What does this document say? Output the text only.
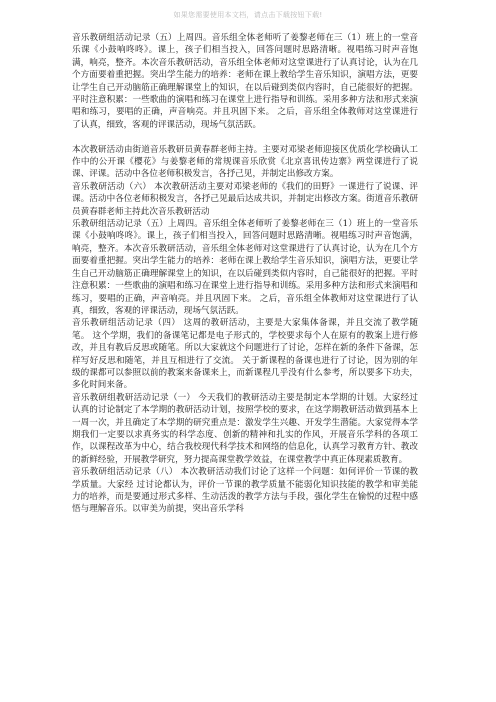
如果您需要使用本文档，请点击下载按钮下载!

音乐教研组活动记录（五）上周四。音乐组全体老师听了姜黎老师在三（1）班上的一堂音乐课《小鼓响咚咚》。课上，孩子们相当投入，回答问题时思路清晰。视唱练习时声音饱满，响亮，整齐。本次音乐教研活动，音乐组全体老师对这堂课进行了认真讨论，认为在几个方面要着重把握。突出学生能力的培养：老师在课上教给学生音乐知识，演唱方法，更要让学生自己开动脑筋正确理解课堂上的知识，在以后碰到类似内容时，自己能很好的把握。平时注意积累：一些歌曲的演唱和练习在课堂上进行指导和训练。采用多种方法和形式来演唱和练习，要唱的正确，声音响亮。并且巩固下来。 之后，音乐组全体教师对这堂课进行了认真，细致，客观的评课活动，现场气氛活跃。

本次教研活动由街道音乐教研员黄春群老师主持。主要对邓梁老师迎接区优质化学校确认工作中的公开课《樱花》与姜黎老师的常规课音乐欣赏《北京喜讯传边寨》两堂课进行了说课、评课。活动中各位老师积极发言，各抒己见，并制定出修改方案。

音乐教研活动（六） 本次教研活动主要对邓梁老师的《我们的田野》一课进行了说课、评课。活动中各位老师积极发言，各抒己见最后达成共识，并制定出修改方案。街道音乐教研员黄春群老师主持此次音乐教研活动

乐教研组活动记录（五）上周四。音乐组全体老师听了姜黎老师在三（1）班上的一堂音乐课《小鼓响咚咚》。课上，孩子们相当投入，回答问题时思路清晰。视唱练习时声音饱满，响亮，整齐。本次音乐教研活动，音乐组全体老师对这堂课进行了认真讨论，认为在几个方面要着重把握。突出学生能力的培养：老师在课上教给学生音乐知识，演唱方法，更要让学生自己开动脑筋正确理解课堂上的知识，在以后碰到类似内容时，自己能很好的把握。平时注意积累：一些歌曲的演唱和练习在课堂上进行指导和训练。采用多种方法和形式来演唱和练习，要唱的正确，声音响亮。并且巩固下来。 之后，音乐组全体教师对这堂课进行了认真，细致，客观的评课活动，现场气氛活跃。

音乐教研组活动记录（四） 这周的教研活动，主要是大家集体备课，并且交流了教学随笔。 这个学期，我们的备课笔记都是电子形式的，学校要求每个人在原有的教案上进行修改，并且有教后反思或随笔。所以大家就这个问题进行了讨论，怎样在新的条件下备课，怎样写好反思和随笔，并且互相进行了交流。 关于新课程的备课也进行了讨论，因为别的年级的课都可以参照以前的教案来备课来上，而新课程几乎没有什么参考，所以要多下功夫，多化时间来备。

音乐教研组教研活动记录（一） 今天我们的教研活动主要是制定本学期的计划。大家经过认真的讨论制定了本学期的教研活动计划，按照学校的要求，在这学期教研活动做到基本上一周一次，并且确定了本学期的研究重点是：激发学生兴趣、开发学生潜能。大家觉得本学期我们一定要以求真务实的科学态度、创新的精神和扎实的作风，开展音乐学科的各项工作，以课程改革为中心，结合我校现代科学技术和网络的信息化，认真学习教育方针、教改的新鲜经验，开展教学研究，努力提高课堂教学效益，在课堂教学中真正体现素质教育。

音乐教研组活动记录（八） 本次教研活动我们讨论了这样一个问题：如何评价一节课的教学质量。大家经 过讨论都认为，评价一节课的教学质量不能弱化知识技能的教学和审美能力的培养，而是要通过形式多样、生动活泼的教学方法与手段，强化学生在愉悦的过程中感悟与理解音乐。以审美为前提，突出音乐学科
